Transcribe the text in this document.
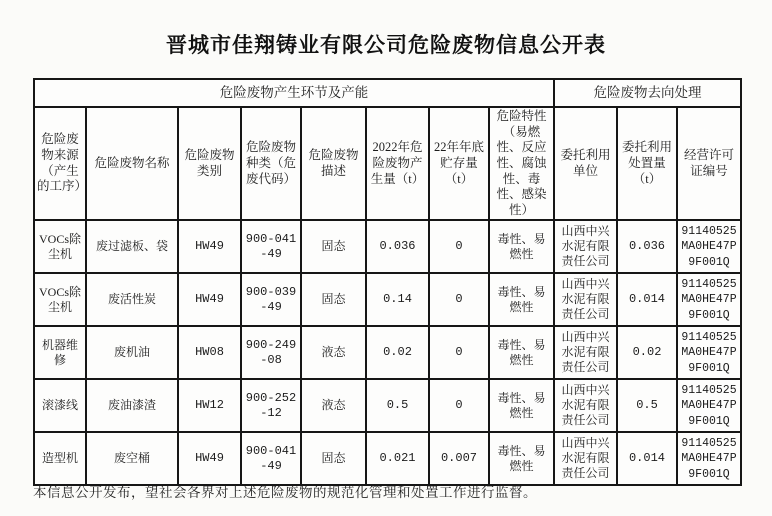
晋城市佳翔铸业有限公司危险废物信息公开表
危险废物产生环节及产能								危险废物去向处理		
危险废物来源（产生的工序）	危险废物名称	危险废物类别	危险废物种类（危废代码）	危险废物描述	2022年危险废物产生量（t）	22年年底贮存量（t）	危险特性（易燃性、反应性、腐蚀性、毒性、感染性）	委托利用单位	委托利用处置量（t）	经营许可证编号
VOCs除尘机	废过滤板、袋	HW49	900-041-49	固态	0.036	0	毒性、易燃性	山西中兴水泥有限责任公司	0.036	91140525MA0HE47P9F001Q
VOCs除尘机	废活性炭	HW49	900-039-49	固态	0.14	0	毒性、易燃性	山西中兴水泥有限责任公司	0.014	91140525MA0HE47P9F001Q
机器维修	废机油	HW08	900-249-08	液态	0.02	0	毒性、易燃性	山西中兴水泥有限责任公司	0.02	91140525MA0HE47P9F001Q
滚漆线	废油漆渣	HW12	900-252-12	液态	0.5	0	毒性、易燃性	山西中兴水泥有限责任公司	0.5	91140525MA0HE47P9F001Q
造型机	废空桶	HW49	900-041-49	固态	0.021	0.007	毒性、易燃性	山西中兴水泥有限责任公司	0.014	91140525MA0HE47P9F001Q
本信息公开发布，望社会各界对上述危险废物的规范化管理和处置工作进行监督。
